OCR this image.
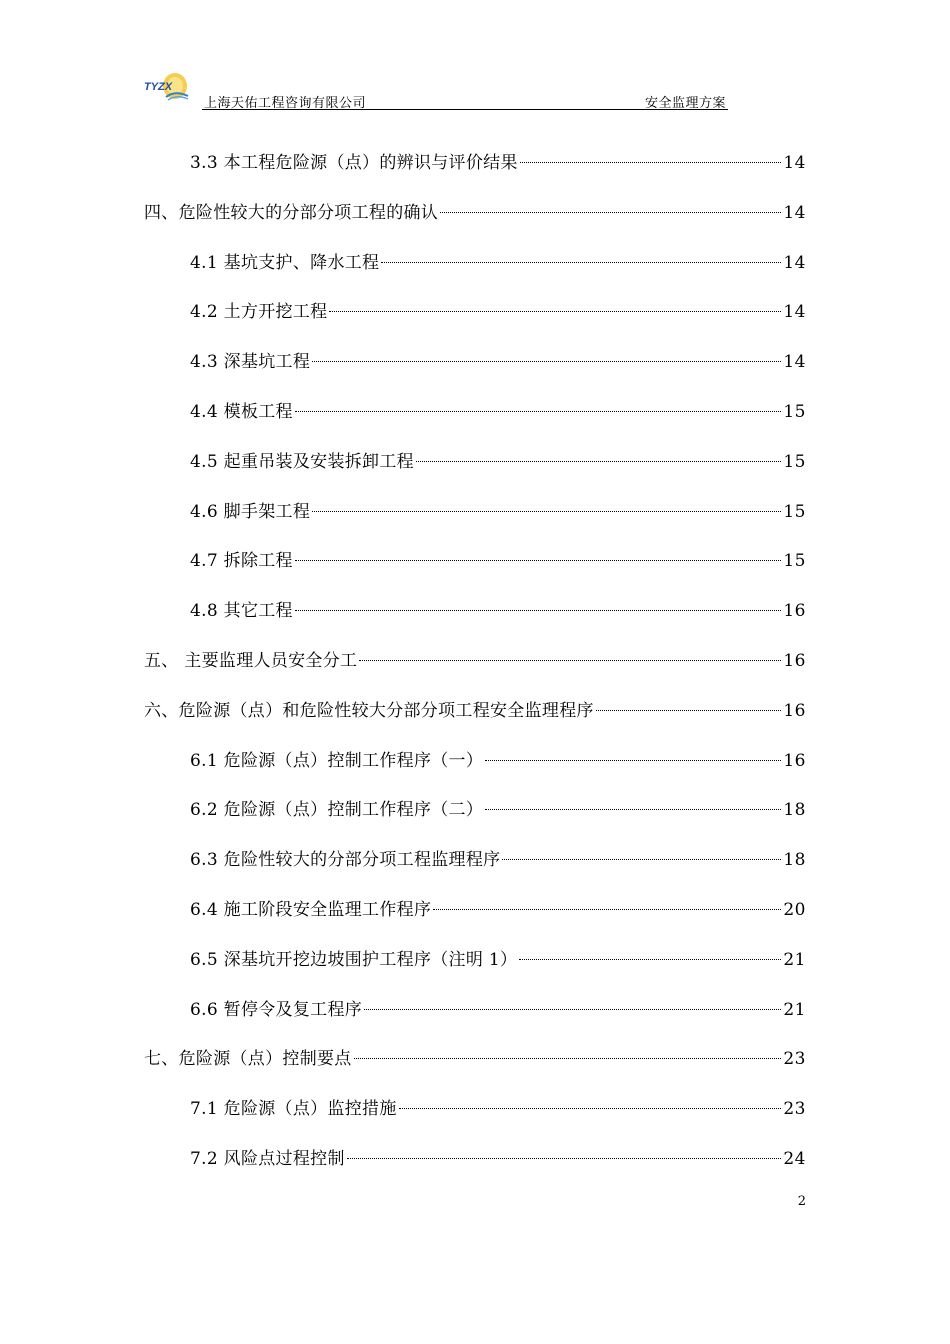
TYZX
上海天佑工程咨询有限公司	安全监理方案
3.3 本工程危险源（点）的辨识与评价结果	14
四、危险性较大的分部分项工程的确认	14
4.1 基坑支护、降水工程	14
4.2 土方开挖工程	14
4.3 深基坑工程	14
4.4 模板工程	15
4.5 起重吊装及安装拆卸工程	15
4.6 脚手架工程	15
4.7 拆除工程	15
4.8 其它工程	16
五、 主要监理人员安全分工	16
六、危险源（点）和危险性较大分部分项工程安全监理程序	16
6.1 危险源（点）控制工作程序（一）	16
6.2 危险源（点）控制工作程序（二）	18
6.3 危险性较大的分部分项工程监理程序	18
6.4 施工阶段安全监理工作程序	20
6.5 深基坑开挖边坡围护工程序（注明 1）	21
6.6 暂停令及复工程序	21
七、危险源（点）控制要点	23
7.1 危险源（点）监控措施	23
7.2 风险点过程控制	24
2
